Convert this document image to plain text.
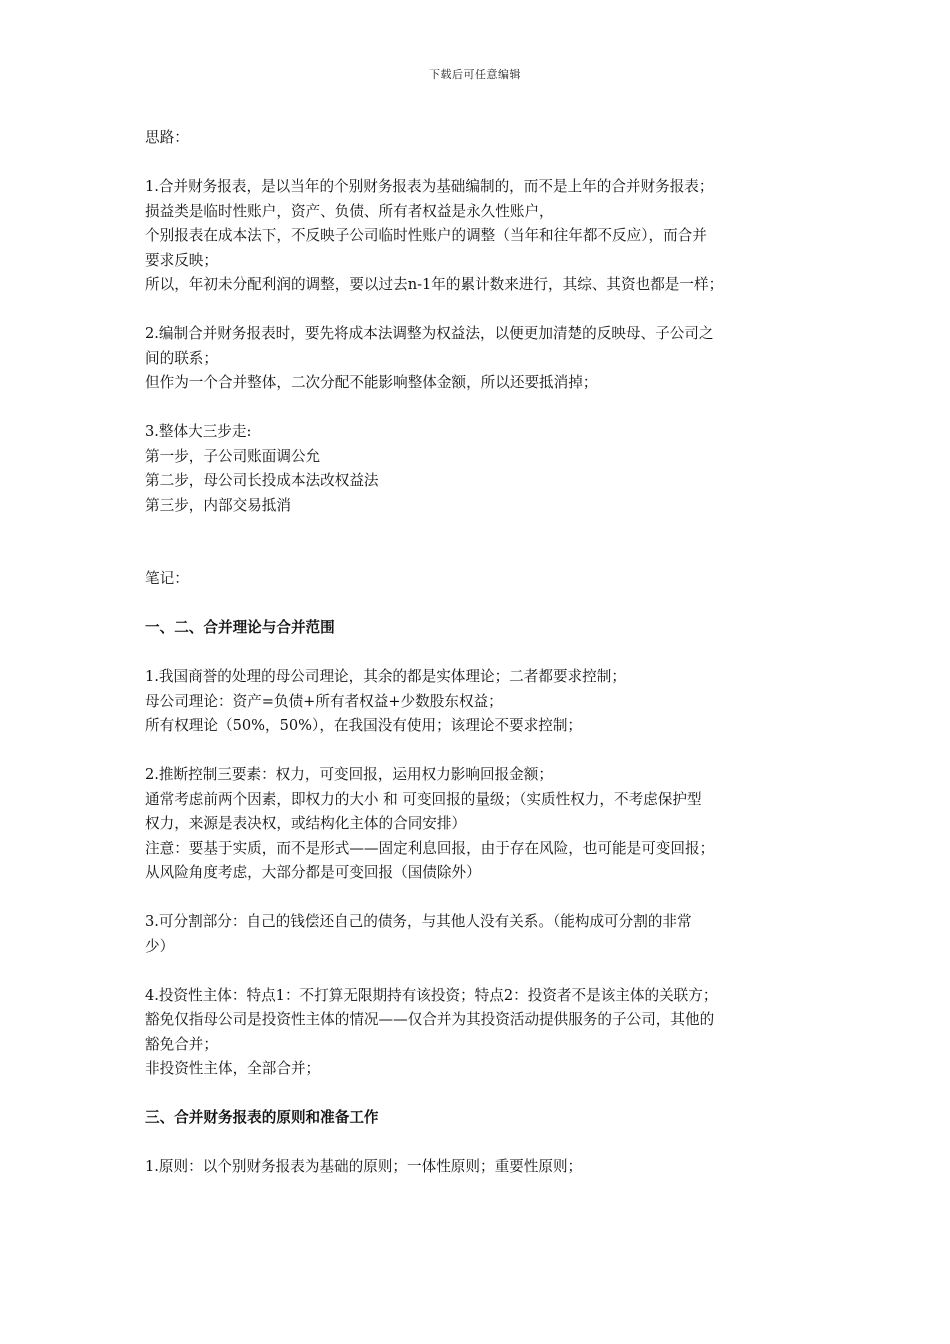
下载后可任意编辑
思路：
1.合并财务报表，是以当年的个别财务报表为基础编制的，而不是上年的合并财务报表；
损益类是临时性账户，资产、负债、所有者权益是永久性账户，
个别报表在成本法下，不反映子公司临时性账户的调整（当年和往年都不反应），而合并
要求反映；
所以，年初未分配利润的调整，要以过去n-1年的累计数来进行，其综、其资也都是一样；
2.编制合并财务报表时，要先将成本法调整为权益法，以便更加清楚的反映母、子公司之
间的联系；
但作为一个合并整体，二次分配不能影响整体金额，所以还要抵消掉；
3.整体大三步走:
第一步，子公司账面调公允
第二步，母公司长投成本法改权益法
第三步，内部交易抵消
笔记：
一、二、合并理论与合并范围
1.我国商誉的处理的母公司理论，其余的都是实体理论；二者都要求控制；
母公司理论：资产=负债+所有者权益+少数股东权益；
所有权理论（50%，50%），在我国没有使用；该理论不要求控制；
2.推断控制三要素：权力，可变回报，运用权力影响回报金额；
通常考虑前两个因素，即权力的大小 和 可变回报的量级；（实质性权力，不考虑保护型
权力，来源是表决权，或结构化主体的合同安排）
注意：要基于实质，而不是形式——固定利息回报，由于存在风险，也可能是可变回报；
从风险角度考虑，大部分都是可变回报（国债除外）
3.可分割部分：自己的钱偿还自己的债务，与其他人没有关系。（能构成可分割的非常
少）
4.投资性主体：特点1：不打算无限期持有该投资；特点2：投资者不是该主体的关联方；
豁免仅指母公司是投资性主体的情况——仅合并为其投资活动提供服务的子公司，其他的
豁免合并；
非投资性主体，全部合并；
三、合并财务报表的原则和准备工作
1.原则：以个别财务报表为基础的原则；一体性原则；重要性原则；
